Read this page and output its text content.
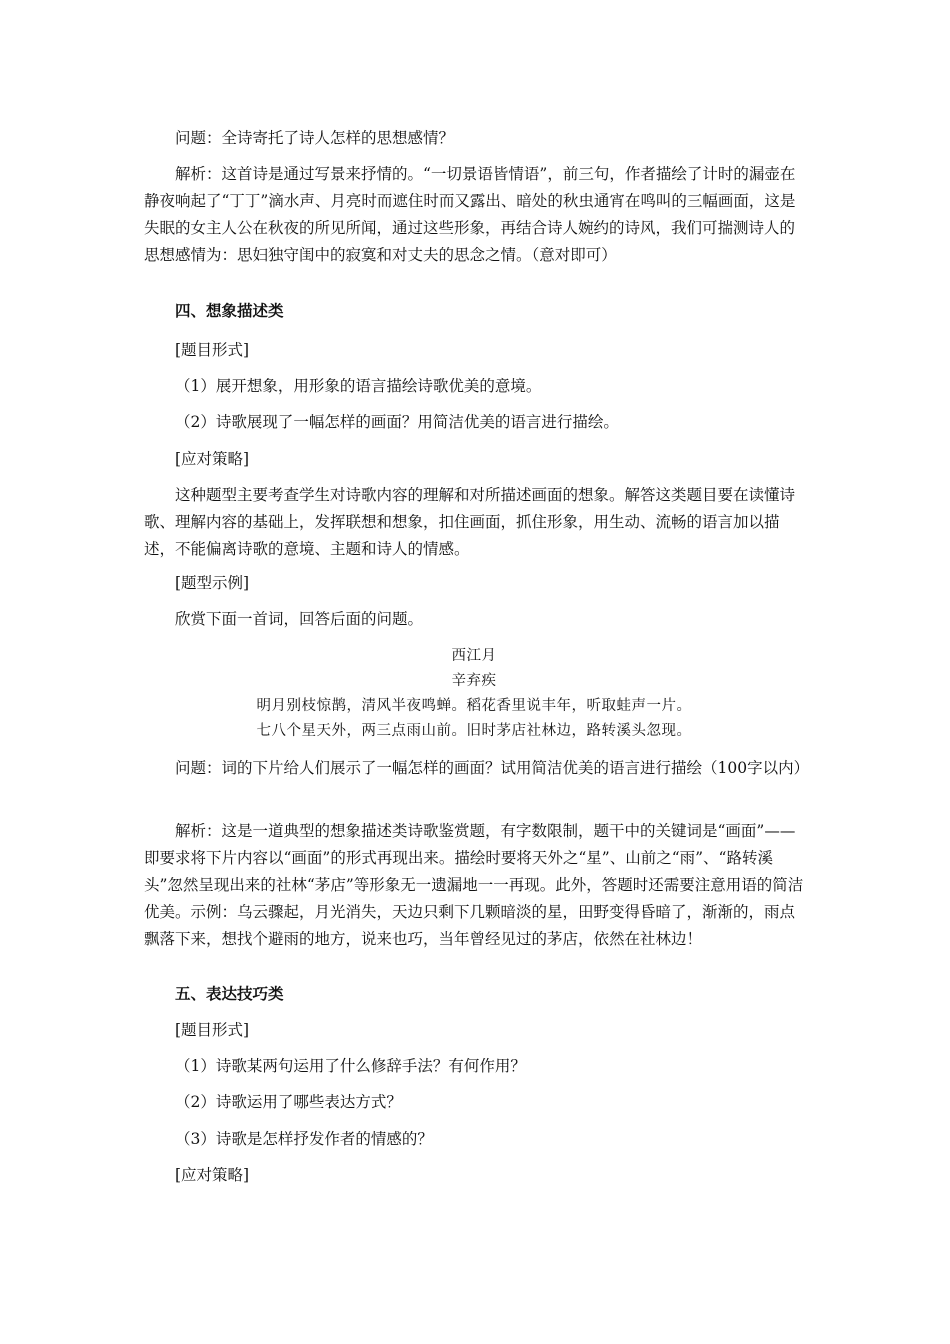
问题：全诗寄托了诗人怎样的思想感情？

解析：这首诗是通过写景来抒情的。“一切景语皆情语”，前三句，作者描绘了计时的漏壶在静夜响起了“丁丁”滴水声、月亮时而遮住时而又露出、暗处的秋虫通宵在鸣叫的三幅画面，这是失眠的女主人公在秋夜的所见所闻，通过这些形象，再结合诗人婉约的诗风，我们可揣测诗人的思想感情为：思妇独守闺中的寂寞和对丈夫的思念之情。（意对即可）

四、想象描述类

[题目形式]

（1）展开想象，用形象的语言描绘诗歌优美的意境。

（2）诗歌展现了一幅怎样的画面？用简洁优美的语言进行描绘。

[应对策略]

这种题型主要考查学生对诗歌内容的理解和对所描述画面的想象。解答这类题目要在读懂诗歌、理解内容的基础上，发挥联想和想象，扣住画面，抓住形象，用生动、流畅的语言加以描述，不能偏离诗歌的意境、主题和诗人的情感。

[题型示例]

欣赏下面一首词，回答后面的问题。

西江月
辛弃疾
明月别枝惊鹊，清风半夜鸣蝉。稻花香里说丰年，听取蛙声一片。
七八个星天外，两三点雨山前。旧时茅店社林边，路转溪头忽现。

问题：词的下片给人们展示了一幅怎样的画面？试用简洁优美的语言进行描绘（100字以内）

解析：这是一道典型的想象描述类诗歌鉴赏题，有字数限制，题干中的关键词是“画面”——即要求将下片内容以“画面”的形式再现出来。描绘时要将天外之“星”、山前之“雨”、“路转溪头”忽然呈现出来的社林“茅店”等形象无一遗漏地一一再现。此外，答题时还需要注意用语的简洁优美。示例：乌云骤起，月光消失，天边只剩下几颗暗淡的星，田野变得昏暗了，渐渐的，雨点飘落下来，想找个避雨的地方，说来也巧，当年曾经见过的茅店，依然在社林边！

五、表达技巧类

[题目形式]

（1）诗歌某两句运用了什么修辞手法？有何作用？

（2）诗歌运用了哪些表达方式？

（3）诗歌是怎样抒发作者的情感的？

[应对策略]
